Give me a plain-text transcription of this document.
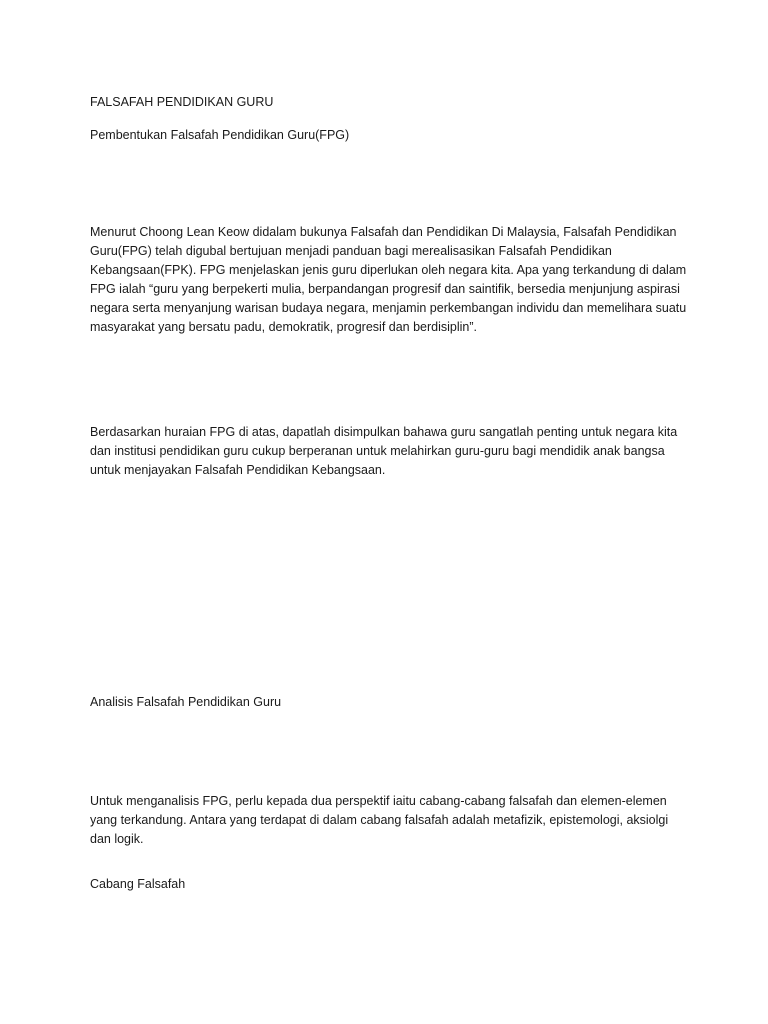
FALSAFAH PENDIDIKAN GURU

Pembentukan Falsafah Pendidikan Guru(FPG)

Menurut Choong Lean Keow didalam bukunya Falsafah dan Pendidikan Di Malaysia, Falsafah Pendidikan Guru(FPG) telah digubal bertujuan menjadi panduan bagi merealisasikan Falsafah Pendidikan Kebangsaan(FPK). FPG menjelaskan jenis guru diperlukan oleh negara kita. Apa yang terkandung di dalam FPG ialah “guru yang berpekerti mulia, berpandangan progresif dan saintifik, bersedia menjunjung aspirasi negara serta menyanjung warisan budaya negara, menjamin perkembangan individu dan memelihara suatu masyarakat yang bersatu padu, demokratik, progresif dan berdisiplin”.

Berdasarkan huraian FPG di atas, dapatlah disimpulkan bahawa guru sangatlah penting untuk negara kita dan institusi pendidikan guru cukup berperanan untuk melahirkan guru-guru bagi mendidik anak bangsa untuk menjayakan Falsafah Pendidikan Kebangsaan.

Analisis Falsafah Pendidikan Guru

Untuk menganalisis FPG, perlu kepada dua perspektif iaitu cabang-cabang falsafah dan elemen-elemen yang terkandung. Antara yang terdapat di dalam cabang falsafah adalah metafizik, epistemologi, aksiolgi dan logik.

Cabang Falsafah
